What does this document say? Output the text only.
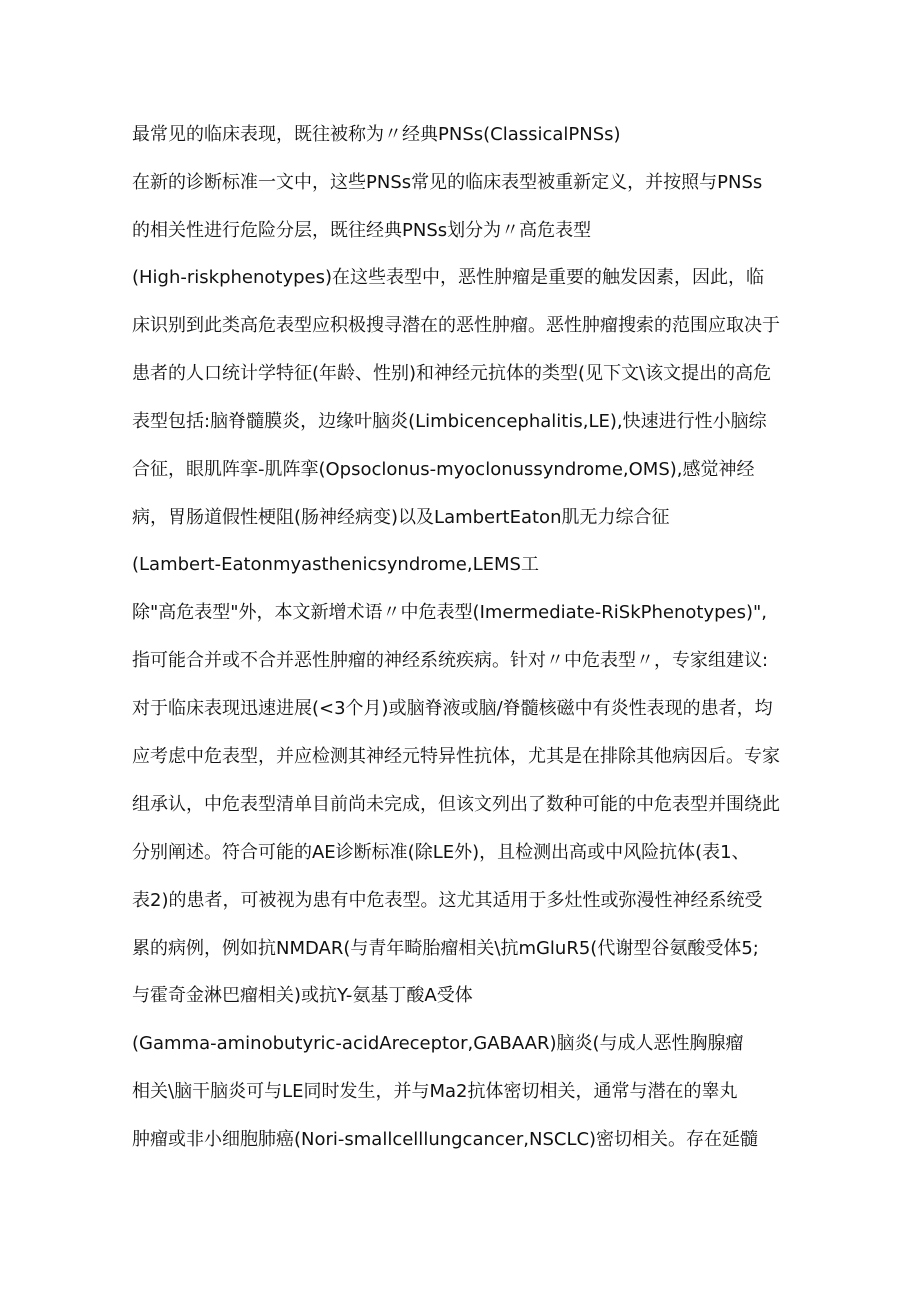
最常见的临床表现，既往被称为〃经典PNSs(ClassicalPNSs)
在新的诊断标准一文中，这些PNSs常见的临床表型被重新定义，并按照与PNSs
的相关性进行危险分层，既往经典PNSs划分为〃高危表型
(High-riskphenotypes)在这些表型中，恶性肿瘤是重要的触发因素，因此，临
床识别到此类高危表型应积极搜寻潜在的恶性肿瘤。恶性肿瘤搜索的范围应取决于
患者的人口统计学特征(年龄、性别)和神经元抗体的类型(见下文\该文提出的高危
表型包括:脑脊髓膜炎，边缘叶脑炎(Limbicencephalitis,LE),快速进行性小脑综
合征，眼肌阵挛-肌阵挛(Opsoclonus-myoclonussyndrome,OMS),感觉神经
病，胃肠道假性梗阻(肠神经病变)以及LambertEaton肌无力综合征
(Lambert-Eatonmyasthenicsyndrome,LEMS工
除"高危表型"外，本文新增术语〃中危表型(Imermediate-RiSkPhenotypes)",
指可能合并或不合并恶性肿瘤的神经系统疾病。针对〃中危表型〃，专家组建议:
对于临床表现迅速进展(<3个月)或脑脊液或脑/脊髓核磁中有炎性表现的患者，均
应考虑中危表型，并应检测其神经元特异性抗体，尤其是在排除其他病因后。专家
组承认，中危表型清单目前尚未完成，但该文列出了数种可能的中危表型并围绕此
分别阐述。符合可能的AE诊断标准(除LE外)，且检测出高或中风险抗体(表1、
表2)的患者，可被视为患有中危表型。这尤其适用于多灶性或弥漫性神经系统受
累的病例，例如抗NMDAR(与青年畸胎瘤相关\抗mGluR5(代谢型谷氨酸受体5;
与霍奇金淋巴瘤相关)或抗Y-氨基丁酸A受体
(Gamma-aminobutyric-acidAreceptor,GABAAR)脑炎(与成人恶性胸腺瘤
相关\脑干脑炎可与LE同时发生，并与Ma2抗体密切相关，通常与潜在的睾丸
肿瘤或非小细胞肺癌(Nori-smallcelllungcancer,NSCLC)密切相关。存在延髓
